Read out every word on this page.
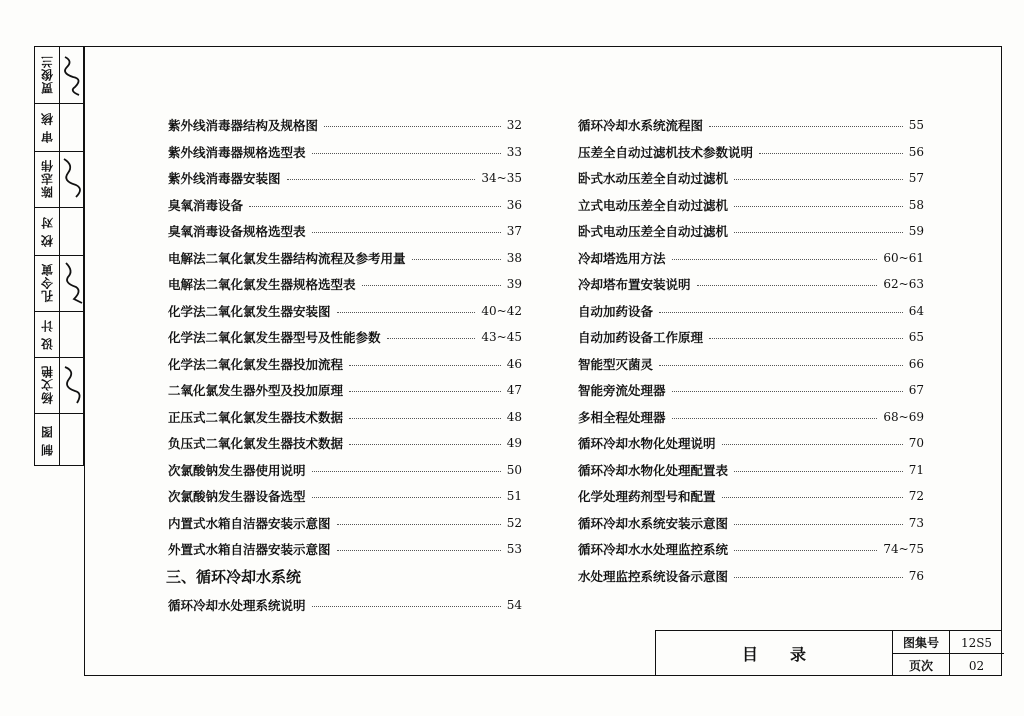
贾俊兰
审 核
陈志伟
校 对
孔令寅
设 计
杨文艳
制 图
紫外线消毒器结构及规格图	32
紫外线消毒器规格选型表	33
紫外线消毒器安装图	34~35
臭氧消毒设备	36
臭氧消毒设备规格选型表	37
电解法二氧化氯发生器结构流程及参考用量	38
电解法二氧化氯发生器规格选型表	39
化学法二氧化氯发生器安装图	40~42
化学法二氧化氯发生器型号及性能参数	43~45
化学法二氧化氯发生器投加流程	46
二氧化氯发生器外型及投加原理	47
正压式二氧化氯发生器技术数据	48
负压式二氧化氯发生器技术数据	49
次氯酸钠发生器使用说明	50
次氯酸钠发生器设备选型	51
内置式水箱自洁器安装示意图	52
外置式水箱自洁器安装示意图	53
三、循环冷却水系统
循环冷却水处理系统说明	54
循环冷却水系统流程图	55
压差全自动过滤机技术参数说明	56
卧式水动压差全自动过滤机	57
立式电动压差全自动过滤机	58
卧式电动压差全自动过滤机	59
冷却塔选用方法	60~61
冷却塔布置安装说明	62~63
自动加药设备	64
自动加药设备工作原理	65
智能型灭菌灵	66
智能旁流处理器	67
多相全程处理器	68~69
循环冷却水物化处理说明	70
循环冷却水物化处理配置表	71
化学处理药剂型号和配置	72
循环冷却水系统安装示意图	73
循环冷却水水处理监控系统	74~75
水处理监控系统设备示意图	76
目录
图集号	12S5
页次	02
